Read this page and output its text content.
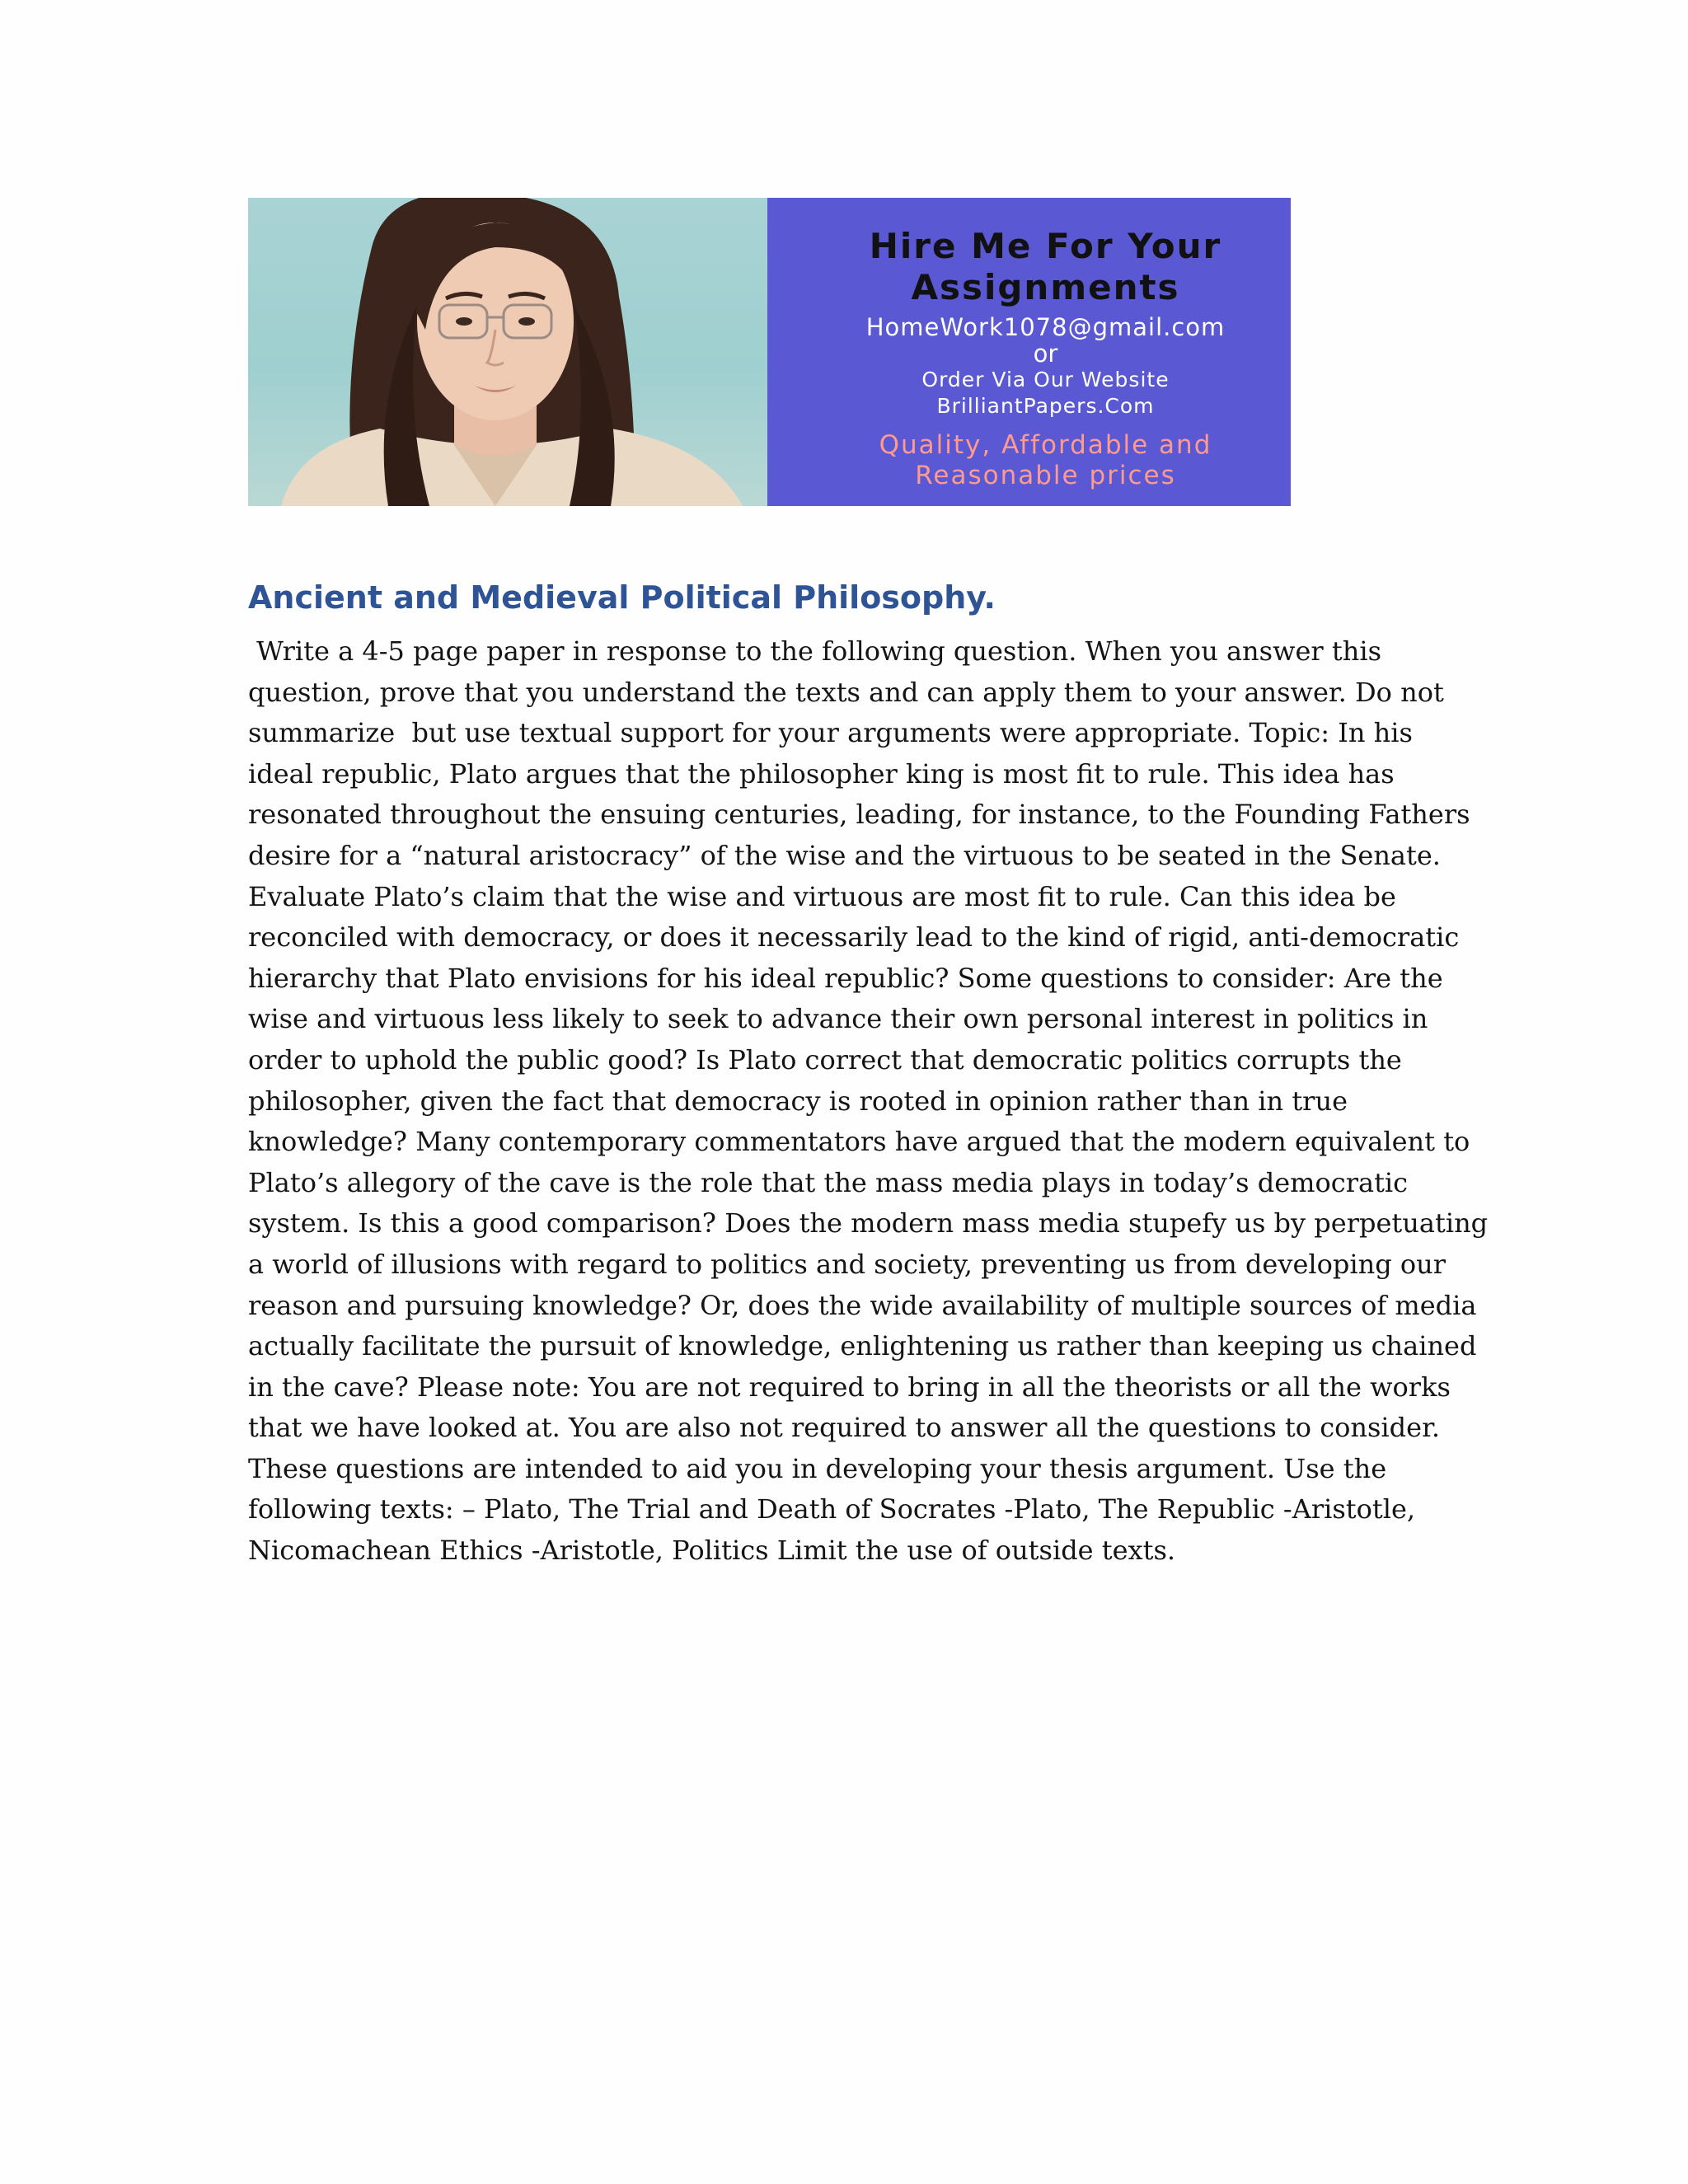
Hire Me For Your
Assignments
HomeWork1078@gmail.com
or
Order Via Our Website
BrilliantPapers.Com
Quality, Affordable and
Reasonable prices
Ancient and Medieval Political Philosophy.
Write a 4-5 page paper in response to the following question. When you answer this
question, prove that you understand the texts and can apply them to your answer. Do not
summarize  but use textual support for your arguments were appropriate. Topic: In his
ideal republic, Plato argues that the philosopher king is most fit to rule. This idea has
resonated throughout the ensuing centuries, leading, for instance, to the Founding Fathers
desire for a “natural aristocracy” of the wise and the virtuous to be seated in the Senate.
Evaluate Plato’s claim that the wise and virtuous are most fit to rule. Can this idea be
reconciled with democracy, or does it necessarily lead to the kind of rigid, anti-democratic
hierarchy that Plato envisions for his ideal republic? Some questions to consider: Are the
wise and virtuous less likely to seek to advance their own personal interest in politics in
order to uphold the public good? Is Plato correct that democratic politics corrupts the
philosopher, given the fact that democracy is rooted in opinion rather than in true
knowledge? Many contemporary commentators have argued that the modern equivalent to
Plato’s allegory of the cave is the role that the mass media plays in today’s democratic
system. Is this a good comparison? Does the modern mass media stupefy us by perpetuating
a world of illusions with regard to politics and society, preventing us from developing our
reason and pursuing knowledge? Or, does the wide availability of multiple sources of media
actually facilitate the pursuit of knowledge, enlightening us rather than keeping us chained
in the cave? Please note: You are not required to bring in all the theorists or all the works
that we have looked at. You are also not required to answer all the questions to consider.
These questions are intended to aid you in developing your thesis argument. Use the
following texts: – Plato, The Trial and Death of Socrates -Plato, The Republic -Aristotle,
Nicomachean Ethics -Aristotle, Politics Limit the use of outside texts.
